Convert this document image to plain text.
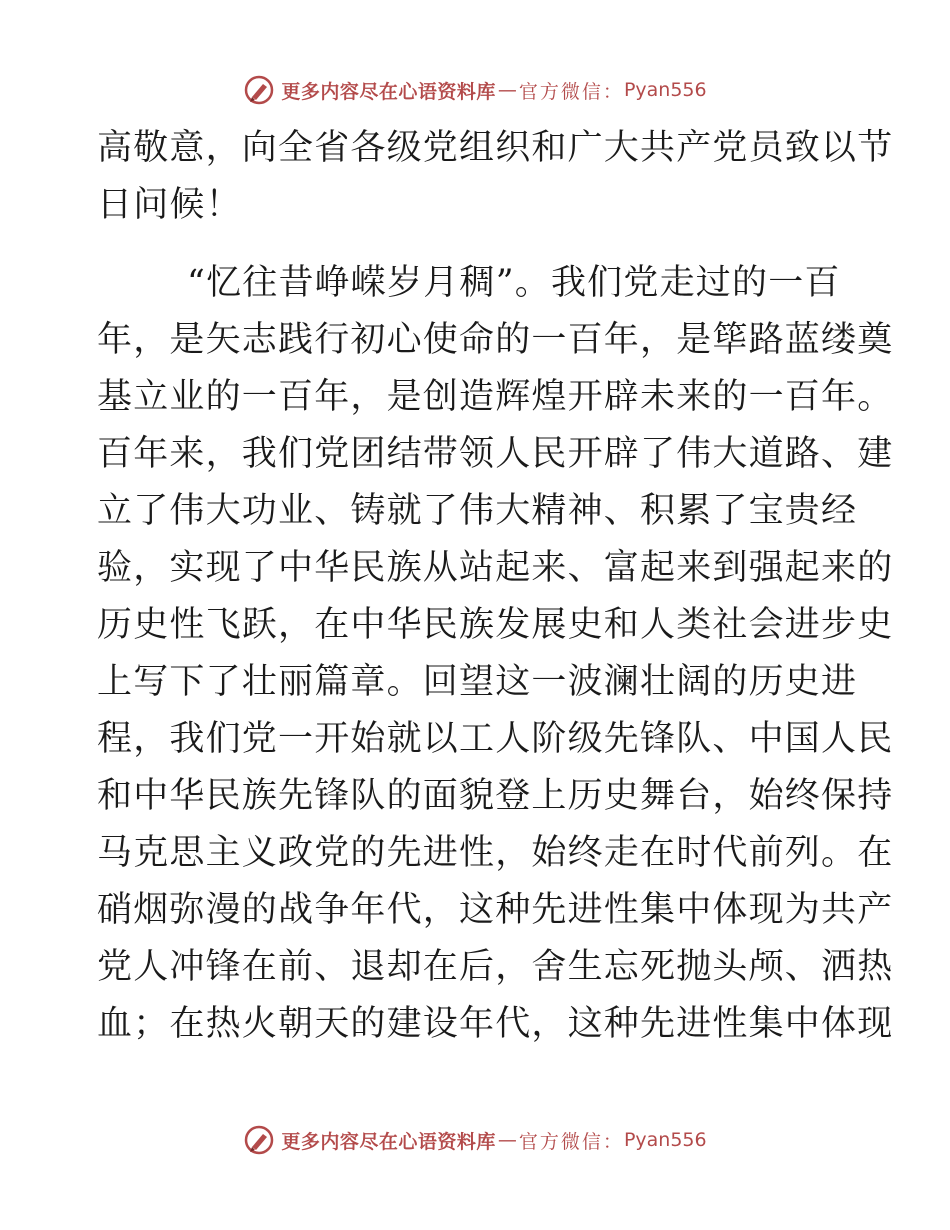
更多内容尽在心语资料库 — 官方微信： Pyan556
高敬意，向全省各级党组织和广大共产党员致以节
日问候！
“忆往昔峥嵘岁月稠”。我们党走过的一百
年，是矢志践行初心使命的一百年，是筚路蓝缕奠
基立业的一百年，是创造辉煌开辟未来的一百年。
百年来，我们党团结带领人民开辟了伟大道路、建
立了伟大功业、铸就了伟大精神、积累了宝贵经
验，实现了中华民族从站起来、富起来到强起来的
历史性飞跃，在中华民族发展史和人类社会进步史
上写下了壮丽篇章。回望这一波澜壮阔的历史进
程，我们党一开始就以工人阶级先锋队、中国人民
和中华民族先锋队的面貌登上历史舞台，始终保持
马克思主义政党的先进性，始终走在时代前列。在
硝烟弥漫的战争年代，这种先进性集中体现为共产
党人冲锋在前、退却在后，舍生忘死抛头颅、洒热
血；在热火朝天的建设年代，这种先进性集中体现
更多内容尽在心语资料库 — 官方微信： Pyan556
